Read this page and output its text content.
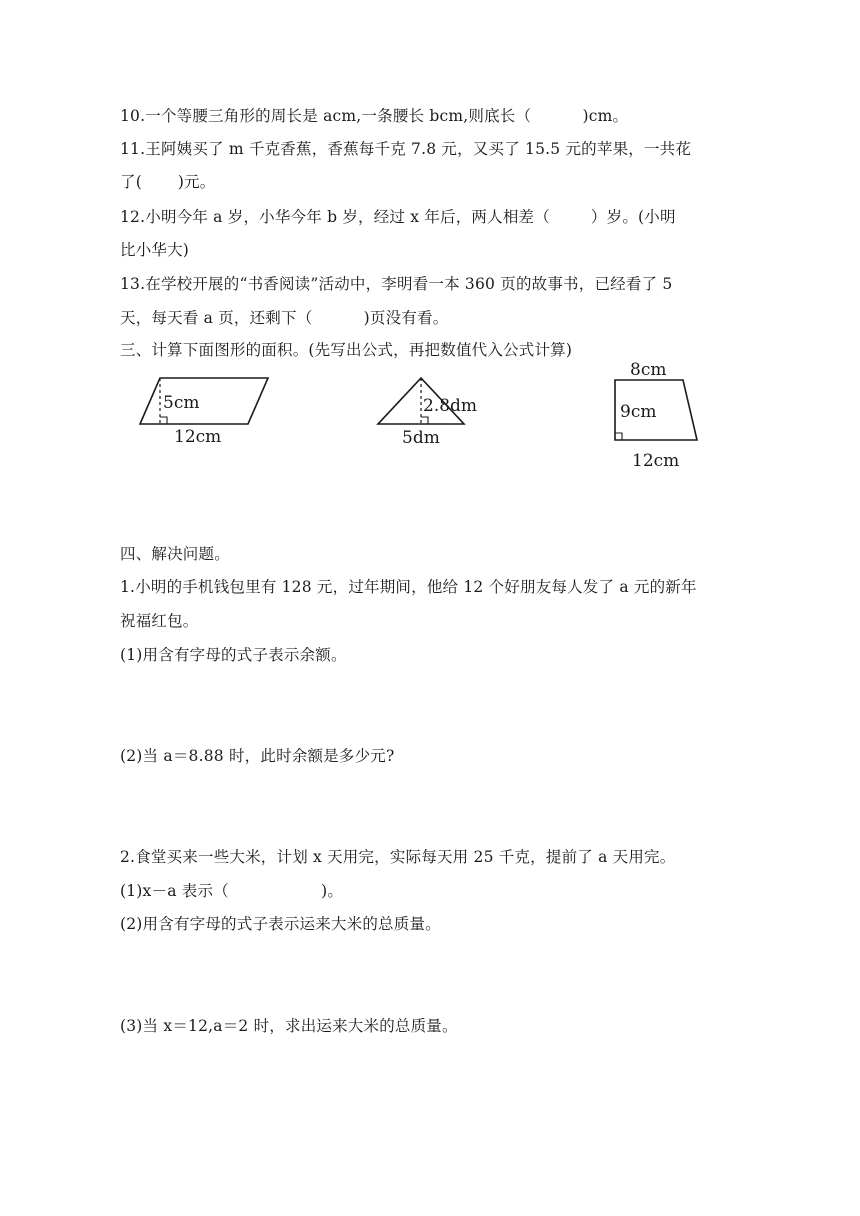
10.一个等腰三角形的周长是 acm,一条腰长 bcm,则底长（          )cm。
11.王阿姨买了 m 千克香蕉，香蕉每千克 7.8 元，又买了 15.5 元的苹果，一共花
了(       )元。
12.小明今年 a 岁，小华今年 b 岁，经过 x 年后，两人相差（        ）岁。(小明
比小华大)
13.在学校开展的“书香阅读”活动中，李明看一本 360 页的故事书，已经看了 5
天，每天看 a 页，还剩下（          )页没有看。
三、计算下面图形的面积。(先写出公式，再把数值代入公式计算)
5cm
12cm
2.8dm
5dm
8cm
9cm
12cm
四、解决问题。
1.小明的手机钱包里有 128 元，过年期间，他给 12 个好朋友每人发了 a 元的新年
祝福红包。
(1)用含有字母的式子表示余额。
(2)当 a＝8.88 时，此时余额是多少元?
2.食堂买来一些大米，计划 x 天用完，实际每天用 25 千克，提前了 a 天用完。
(1)x－a 表示（                  )。
(2)用含有字母的式子表示运来大米的总质量。
(3)当 x＝12,a＝2 时，求出运来大米的总质量。
